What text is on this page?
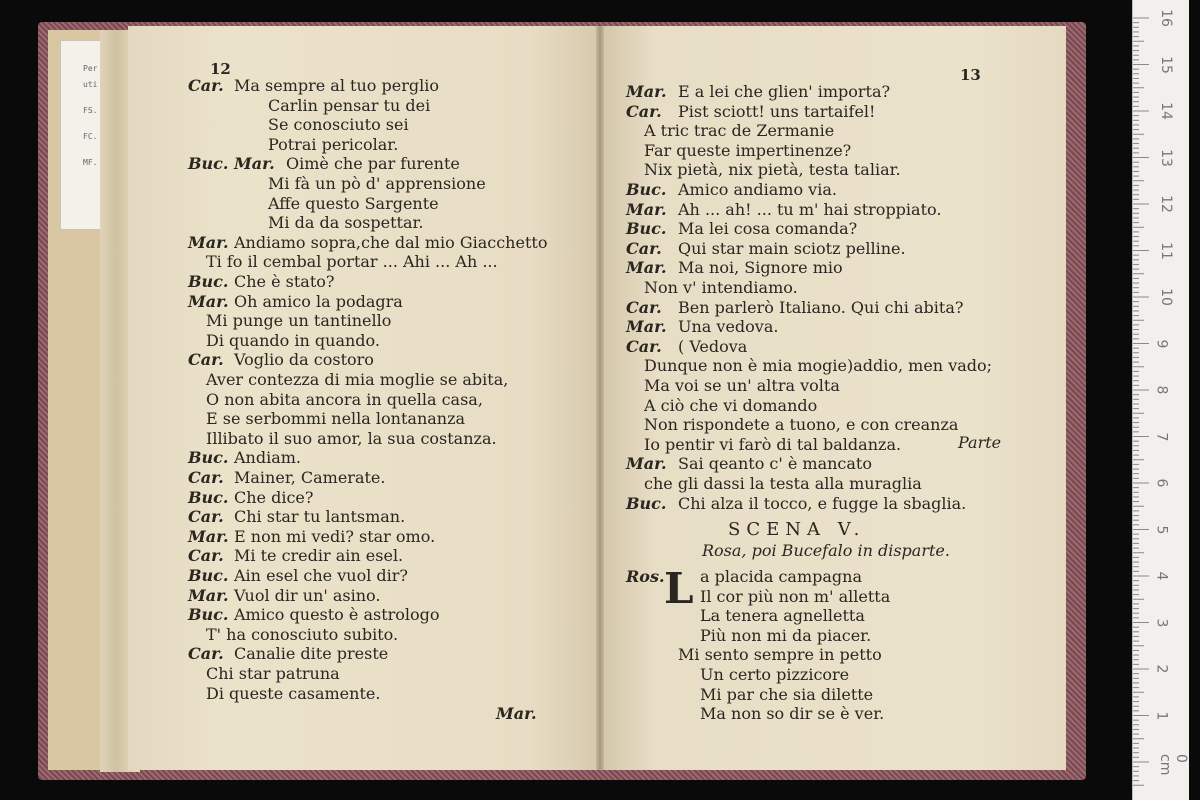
Per
uti
FS.
FC.
MF.
12
Car. Ma sempre al tuo perglio
Carlin pensar tu dei
Se conosciuto sei
Potrai pericolar.
Buc. Mar. Oimè che par furente
Mi fà un pò d' apprensione
Affe questo Sargente
Mi da da sospettar.
Mar. Andiamo sopra,che dal mio Giacchetto
Ti fo il cembal portar ... Ahi ... Ah ...
Buc. Che è stato?
Mar. Oh amico la podagra
Mi punge un tantinello
Di quando in quando.
Car. Voglio da costoro
Aver contezza di mia moglie se abita,
O non abita ancora in quella casa,
E se serbommi nella lontananza
Illibato il suo amor, la sua costanza.
Buc. Andiam.
Car. Mainer, Camerate.
Buc. Che dice?
Car. Chi star tu lantsman.
Mar. E non mi vedi? star omo.
Car. Mi te credir ain esel.
Buc. Ain esel che vuol dir?
Mar. Vuol dir un' asino.
Buc. Amico questo è astrologo
T' ha conosciuto subito.
Car. Canalie dite preste
Chi star patruna
Di queste casamente.
Mar.
13
Mar. E a lei che glien' importa?
Car. Pist sciott! uns tartaifel!
A tric trac de Zermanie
Far queste impertinenze?
Nix pietà, nix pietà, testa taliar.
Buc. Amico andiamo via.
Mar. Ah ... ah! ... tu m' hai stroppiato.
Buc. Ma lei cosa comanda?
Car. Qui star main sciotz pelline.
Mar. Ma noi, Signore mio
Non v' intendiamo.
Car. Ben parlerò Italiano. Qui chi abita?
Mar. Una vedova.
Car. ( Vedova
Dunque non è mia mogie)addio, men vado;
Ma voi se un' altra volta
A ciò che vi domando
Non rispondete a tuono, e con creanza
Io pentir vi farò di tal baldanza.
Mar. Sai qeanto c' è mancato
che gli dassi la testa alla muraglia
Buc. Chi alza il tocco, e fugge la sbaglia.
Parte
SCENA V.
Rosa, poi Bucefalo in disparte.
Ros. L a placida campagna
Il cor più non m' alletta
La tenera agnelletta
Più non mi da piacer.
Mi sento sempre in petto
Un certo pizzicore
Mi par che sia dilette
Ma non so dir se è ver.
16
15
14
13
12
11
10
9
8
7
6
5
4
3
2
1
0 cm
